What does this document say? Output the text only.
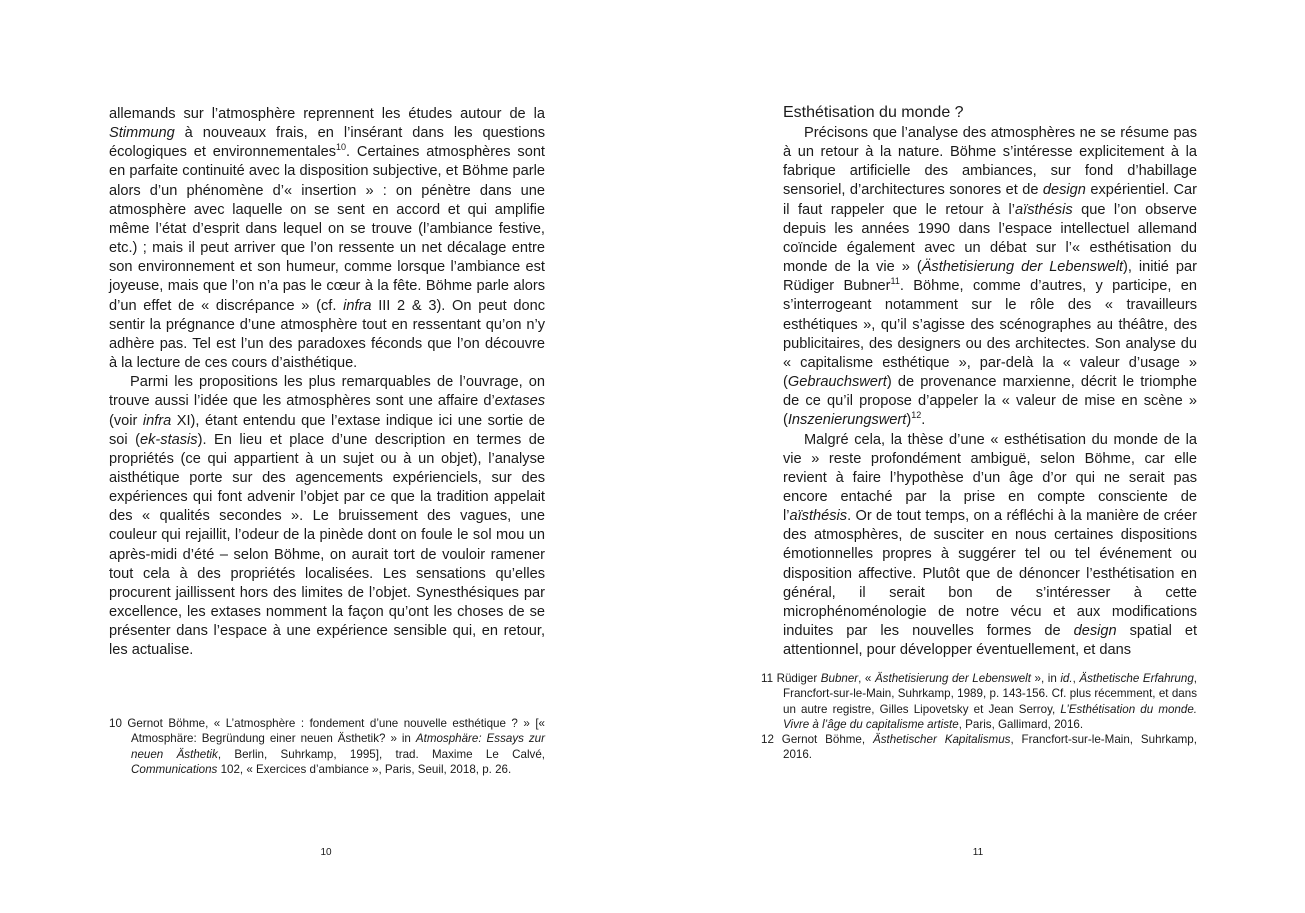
allemands sur l’atmosphère reprennent les études autour de la Stimmung à nouveaux frais, en l’insérant dans les questions écologiques et environnementales$^{10}$. Certaines atmosphères sont en parfaite continuité avec la disposition subjective, et Böhme parle alors d’un phénomène d’« insertion » : on pénètre dans une atmosphère avec laquelle on se sent en accord et qui amplifie même l’état d’esprit dans lequel on se trouve (l’ambiance festive, etc.) ; mais il peut arriver que l’on ressente un net décalage entre son environnement et son humeur, comme lorsque l’ambiance est joyeuse, mais que l’on n’a pas le cœur à la fête. Böhme parle alors d’un effet de « discrépance » (cf. infra III 2 & 3). On peut donc sentir la prégnance d’une atmosphère tout en ressentant qu’on n’y adhère pas. Tel est l’un des paradoxes féconds que l’on découvre à la lecture de ces cours d’aisthétique.

Parmi les propositions les plus remarquables de l’ouvrage, on trouve aussi l’idée que les atmosphères sont une affaire d’extases (voir infra XI), étant entendu que l’extase indique ici une sortie de soi (ek-stasis). En lieu et place d’une description en termes de propriétés (ce qui appartient à un sujet ou à un objet), l’analyse aisthétique porte sur des agencements expérienciels, sur des expériences qui font advenir l’objet par ce que la tradition appelait des « qualités secondes ». Le bruissement des vagues, une couleur qui rejaillit, l’odeur de la pinède dont on foule le sol mou un après-midi d’été – selon Böhme, on aurait tort de vouloir ramener tout cela à des propriétés localisées. Les sensations qu’elles procurent jaillissent hors des limites de l’objet. Synesthésiques par excellence, les extases nomment la façon qu’ont les choses de se présenter dans l’espace à une expérience sensible qui, en retour, les actualise.

10 Gernot Böhme, « L’atmosphère : fondement d’une nouvelle esthétique ? » [« Atmosphäre: Begründung einer neuen Ästhetik? » in Atmosphäre: Essays zur neuen Ästhetik, Berlin, Suhrkamp, 1995], trad. Maxime Le Calvé, Communications 102, « Exercices d’ambiance », Paris, Seuil, 2018, p. 26.

10
Esthétisation du monde ?

Précisons que l’analyse des atmosphères ne se résume pas à un retour à la nature. Böhme s’intéresse explicitement à la fabrique artificielle des ambiances, sur fond d’habillage sensoriel, d’architectures sonores et de design expérientiel. Car il faut rappeler que le retour à l’aïsthésis que l’on observe depuis les années 1990 dans l’espace intellectuel allemand coïncide également avec un débat sur l’« esthétisation du monde de la vie » (Ästhetisierung der Lebenswelt), initié par Rüdiger Bubner$^{11}$. Böhme, comme d’autres, y participe, en s’interrogeant notamment sur le rôle des « travailleurs esthétiques », qu’il s’agisse des scénographes au théâtre, des publicitaires, des designers ou des architectes. Son analyse du « capitalisme esthétique », par-delà la « valeur d’usage » (Gebrauchswert) de provenance marxienne, décrit le triomphe de ce qu’il propose d’appeler la « valeur de mise en scène » (Inszenierungswert)$^{12}$.

Malgré cela, la thèse d’une « esthétisation du monde de la vie » reste profondément ambiguë, selon Böhme, car elle revient à faire l’hypothèse d’un âge d’or qui ne serait pas encore entaché par la prise en compte consciente de l’aïsthésis. Or de tout temps, on a réfléchi à la manière de créer des atmosphères, de susciter en nous certaines dispositions émotionnelles propres à suggérer tel ou tel événement ou disposition affective. Plutôt que de dénoncer l’esthétisation en général, il serait bon de s’intéresser à cette microphénoménologie de notre vécu et aux modifications induites par les nouvelles formes de design spatial et attentionnel, pour développer éventuellement, et dans

11 Rüdiger Bubner, « Ästhetisierung der Lebenswelt », in id., Ästhetische Erfahrung, Francfort-sur-le-Main, Suhrkamp, 1989, p. 143-156. Cf. plus récemment, et dans un autre registre, Gilles Lipovetsky et Jean Serroy, L’Esthétisation du monde. Vivre à l’âge du capitalisme artiste, Paris, Gallimard, 2016.

12 Gernot Böhme, Ästhetischer Kapitalismus, Francfort-sur-le-Main, Suhrkamp, 2016.

11
